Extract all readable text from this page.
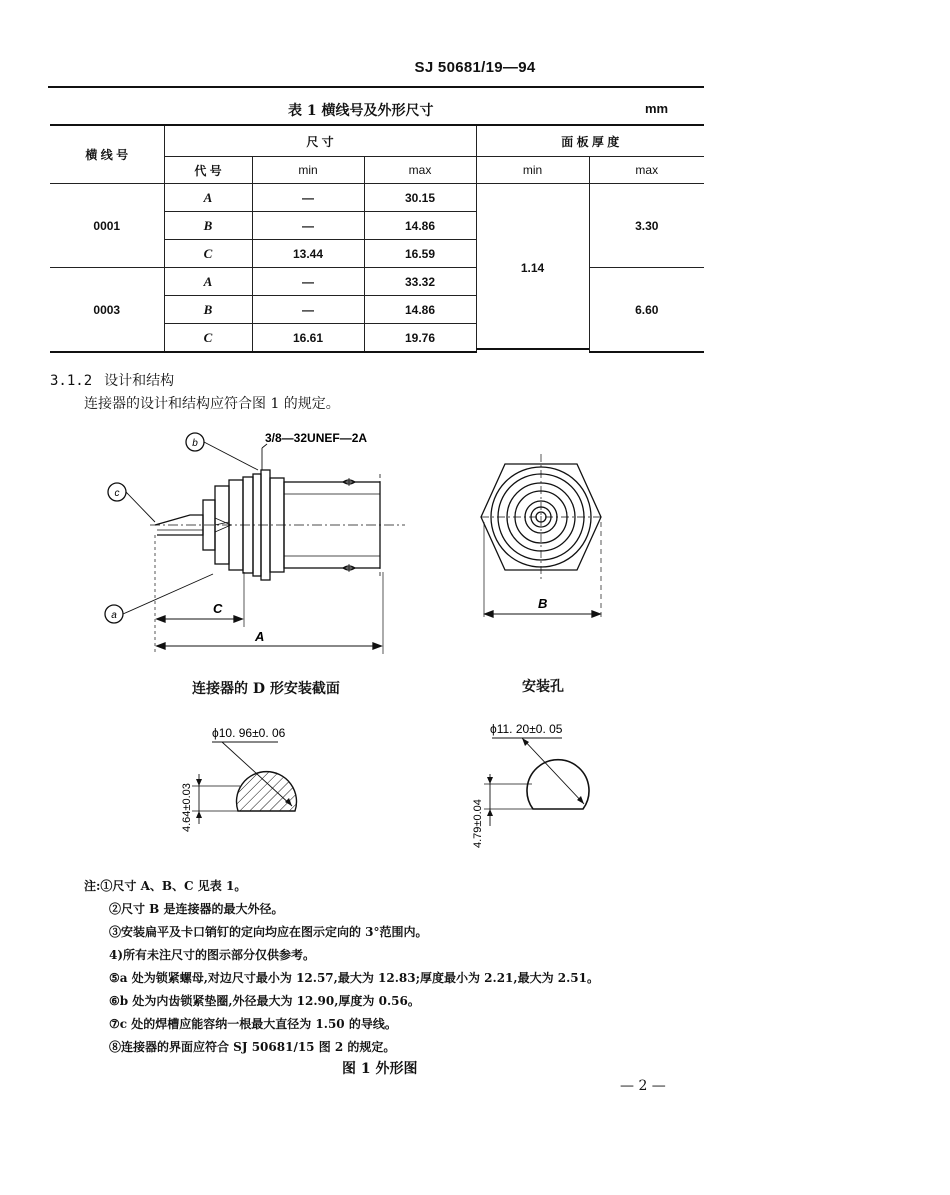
SJ 50681/19—94
表 1 横线号及外形尺寸	mm
横 线 号	尺 寸			面 板 厚 度	
	代 号	min	max	min	max
0001	A	—	30.15	1.14	3.30
	B	—	14.86		
	C	13.44	16.59		
0003	A	—	33.32		6.60
	B	—	14.86		
	C	16.61	19.76		
3.1.2 设计和结构
连接器的设计和结构应符合图 1 的规定。
b
c
a
3/8—32UNEF—2A
C
A
B
连接器的 D 形安装截面	安装孔
ϕ10. 96±0. 06
4.64±0.03
ϕ11. 20±0. 05
4.79±0.04
注:①尺寸 A、B、C 见表 1。
②尺寸 B 是连接器的最大外径。
③安装扁平及卡口销钉的定向均应在图示定向的 3°范围内。
4)所有未注尺寸的图示部分仅供参考。
⑤a 处为锁紧螺母,对边尺寸最小为 12.57,最大为 12.83;厚度最小为 2.21,最大为 2.51。
⑥b 处为内齿锁紧垫圈,外径最大为 12.90,厚度为 0.56。
⑦c 处的焊槽应能容纳一根最大直径为 1.50 的导线。
⑧连接器的界面应符合 SJ 50681/15 图 2 的规定。
图 1 外形图
— 2 —
